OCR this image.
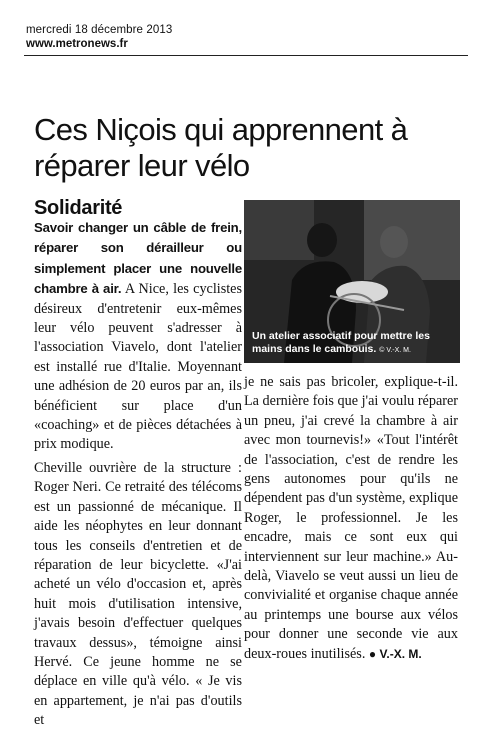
mercredi 18 décembre 2013
www.metronews.fr
Ces Niçois qui apprennent à réparer leur vélo
Solidarité

Savoir changer un câble de frein, réparer son dérailleur ou simplement placer une nouvelle chambre à air. A Nice, les cyclistes désireux d'entretenir eux-mêmes leur vélo peuvent s'adresser à l'association Viavelo, dont l'atelier est installé rue d'Italie. Moyennant une adhésion de 20 euros par an, ils bénéficient sur place d'un «coaching» et de pièces détachées à prix modique.

Cheville ouvrière de la structure : Roger Neri. Ce retraité des télécoms est un passionné de mécanique. Il aide les néophytes en leur donnant tous les conseils d'entretien et de réparation de leur bicyclette. «J'ai acheté un vélo d'occasion et, après huit mois d'utilisation intensive, j'avais besoin d'effectuer quelques travaux dessus», témoigne ainsi Hervé. Ce jeune homme ne se déplace en ville qu'à vélo. « Je vis en appartement, je n'ai pas d'outils et

Un atelier associatif pour mettre les mains dans le cambouis. © V.-X. M.

je ne sais pas bricoler, explique-t-il. La dernière fois que j'ai voulu réparer un pneu, j'ai crevé la chambre à air avec mon tournevis!» «Tout l'intérêt de l'association, c'est de rendre les gens autonomes pour qu'ils ne dépendent pas d'un système, explique Roger, le professionnel. Je les encadre, mais ce sont eux qui interviennent sur leur machine.» Au-delà, Viavelo se veut aussi un lieu de convivialité et organise chaque année au printemps une bourse aux vélos pour donner une seconde vie aux deux-roues inutilisés. ● V.-X. M.
